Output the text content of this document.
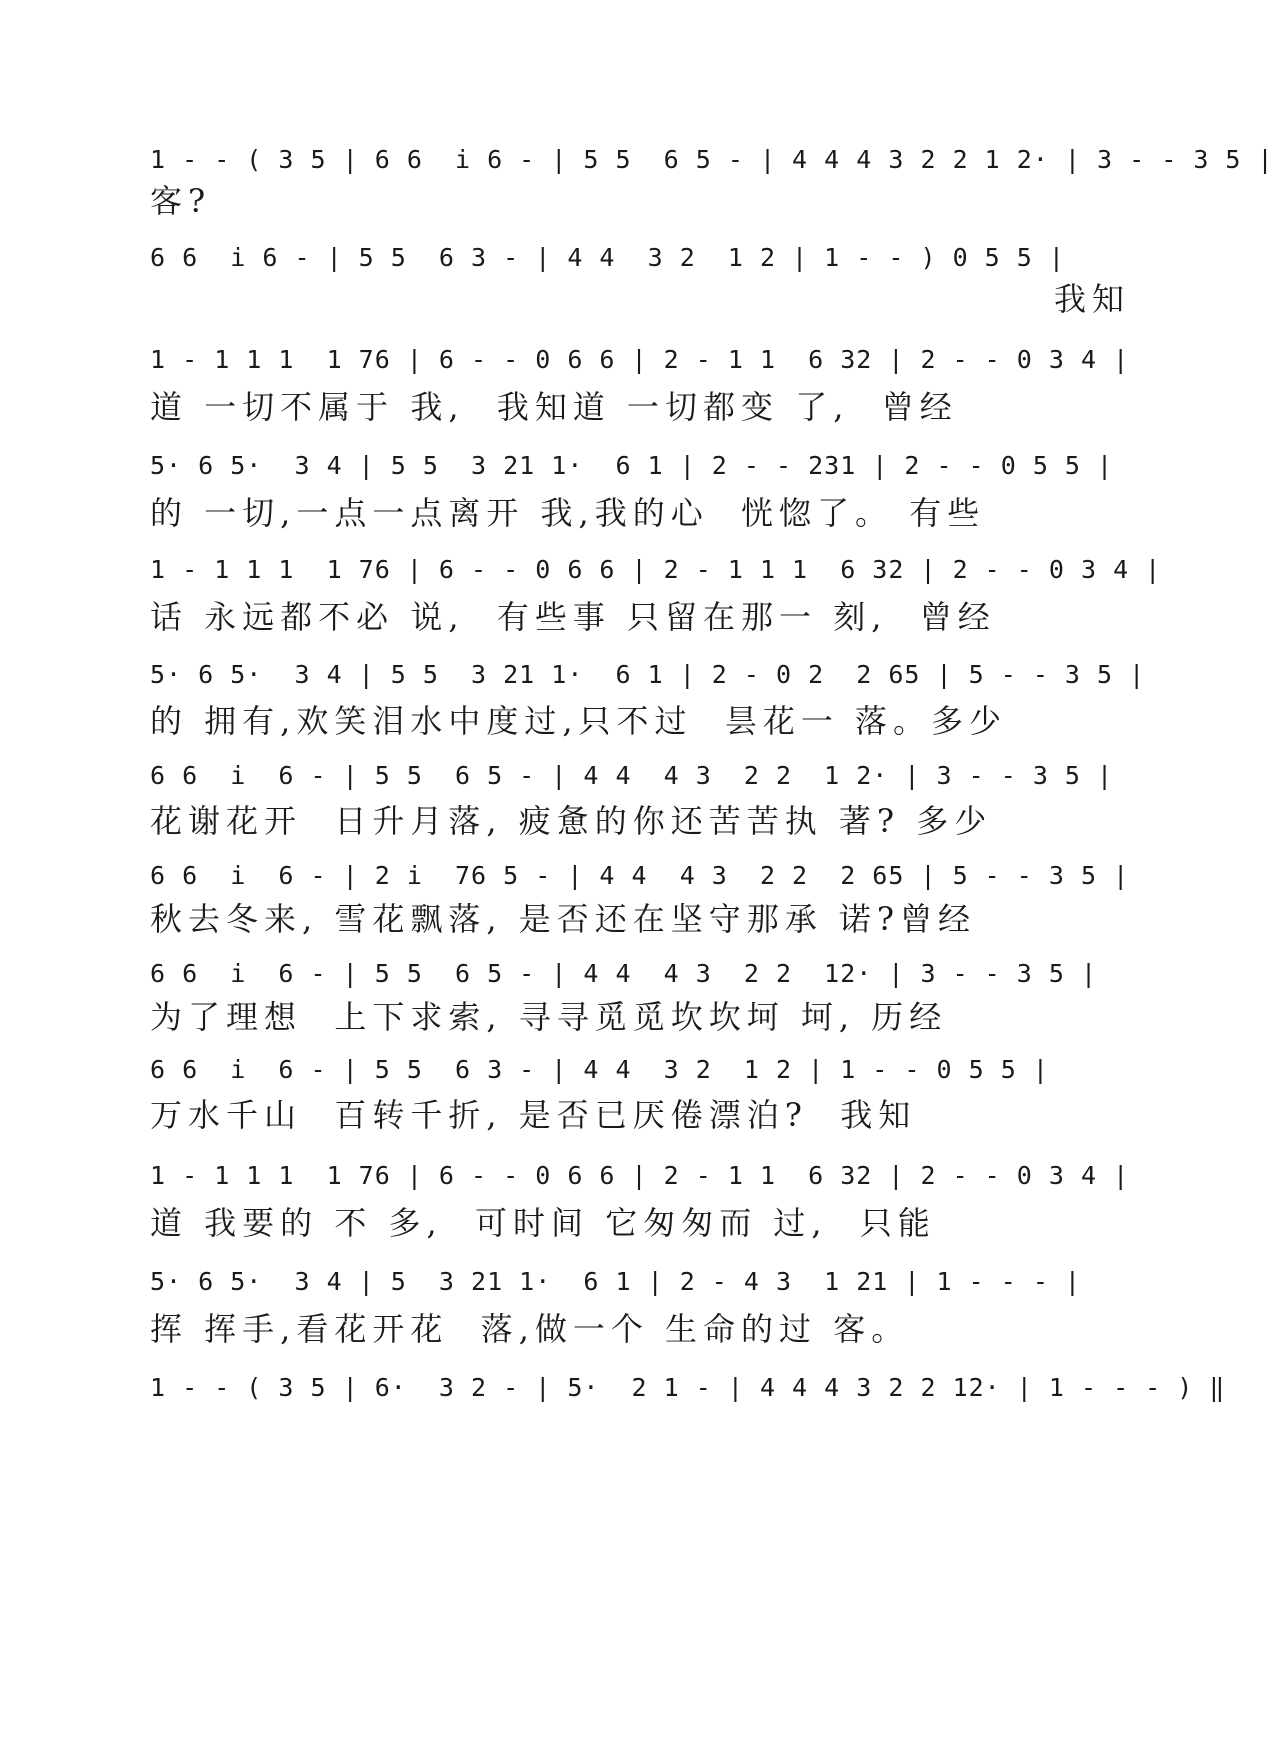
1 - - ( 3 5 | 6 6  i 6 - | 5 5  6 5 - | 4 4 4 3 2 2 1 2· | 3 - - 3 5 |
客?
6 6  i 6 - | 5 5  6 3 - | 4 4  3 2  1 2 | 1 - - ) 0 5 5 |
我知
1 - 1 1 1  1 76 | 6 - - 0 6 6 | 2 - 1 1  6 32 | 2 - - 0 3 4 |
道 一切不属于 我,  我知道 一切都变 了,  曾经
5· 6 5·  3 4 | 5 5  3 21 1·  6 1 | 2 - - 231 | 2 - - 0 5 5 |
的 一切,一点一点离开 我,我的心  恍惚了。 有些
1 - 1 1 1  1 76 | 6 - - 0 6 6 | 2 - 1 1 1  6 32 | 2 - - 0 3 4 |
话 永远都不必 说,  有些事 只留在那一 刻,  曾经
5· 6 5·  3 4 | 5 5  3 21 1·  6 1 | 2 - 0 2  2 65 | 5 - - 3 5 |
的 拥有,欢笑泪水中度过,只不过  昙花一 落。多少
6 6  i  6 - | 5 5  6 5 - | 4 4  4 3  2 2  1 2· | 3 - - 3 5 |
花谢花开  日升月落, 疲惫的你还苦苦执 著? 多少
6 6  i  6 - | 2 i  76 5 - | 4 4  4 3  2 2  2 65 | 5 - - 3 5 |
秋去冬来, 雪花飘落, 是否还在坚守那承 诺?曾经
6 6  i  6 - | 5 5  6 5 - | 4 4  4 3  2 2  12· | 3 - - 3 5 |
为了理想  上下求索, 寻寻觅觅坎坎坷 坷, 历经
6 6  i  6 - | 5 5  6 3 - | 4 4  3 2  1 2 | 1 - - 0 5 5 |
万水千山  百转千折, 是否已厌倦漂泊?  我知
1 - 1 1 1  1 76 | 6 - - 0 6 6 | 2 - 1 1  6 32 | 2 - - 0 3 4 |
道 我要的 不 多,  可时间 它匆匆而 过,  只能
5· 6 5·  3 4 | 5  3 21 1·  6 1 | 2 - 4 3  1 21 | 1 - - - |
挥 挥手,看花开花  落,做一个 生命的过 客。
1 - - ( 3 5 | 6·  3 2 - | 5·  2 1 - | 4 4 4 3 2 2 12· | 1 - - - ) ‖
